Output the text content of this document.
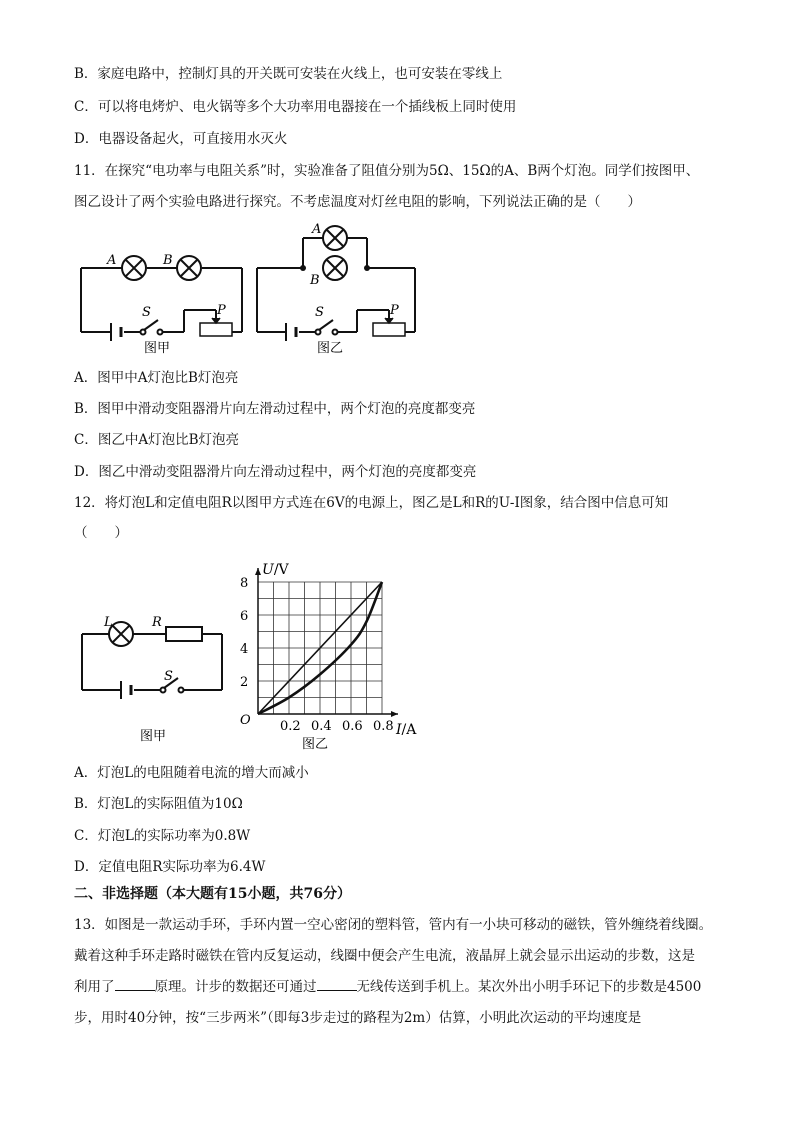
B．家庭电路中，控制灯具的开关既可安装在火线上，也可安装在零线上
C．可以将电烤炉、电火锅等多个大功率用电器接在一个插线板上同时使用
D．电器设备起火，可直接用水灭火
11．在探究“电功率与电阻关系”时，实验准备了阻值分别为5Ω、15Ω的A、B两个灯泡。同学们按图甲、
图乙设计了两个实验电路进行探究。不考虑温度对灯丝电阻的影响，下列说法正确的是（　　）
A	B
S	P
图甲
A
B
S	P
图乙
A．图甲中A灯泡比B灯泡亮
B．图甲中滑动变阻器滑片向左滑动过程中，两个灯泡的亮度都变亮
C．图乙中A灯泡比B灯泡亮
D．图乙中滑动变阻器滑片向左滑动过程中，两个灯泡的亮度都变亮
12．将灯泡L和定值电阻R以图甲方式连在6V的电源上，图乙是L和R的U-I图象，结合图中信息可知
（　　）
L	R
S
图甲
0.2 0.4 0.6 0.8
2
4
6
8
U/V
I/A
O
图乙
A．灯泡L的电阻随着电流的增大而减小
B．灯泡L的实际阻值为10Ω
C．灯泡L的实际功率为0.8W
D．定值电阻R实际功率为6.4W
二、非选择题（本大题有15小题，共76分）
13．如图是一款运动手环，手环内置一空心密闭的塑料管，管内有一小块可移动的磁铁，管外缠绕着线圈。
戴着这种手环走路时磁铁在管内反复运动，线圈中便会产生电流，液晶屏上就会显示出运动的步数，这是
利用了	原理。计步的数据还可通过	无线传送到手机上。某次外出小明手环记下的步数是4500
步，用时40分钟，按“三步两米”（即每3步走过的路程为2m）估算，小明此次运动的平均速度是
